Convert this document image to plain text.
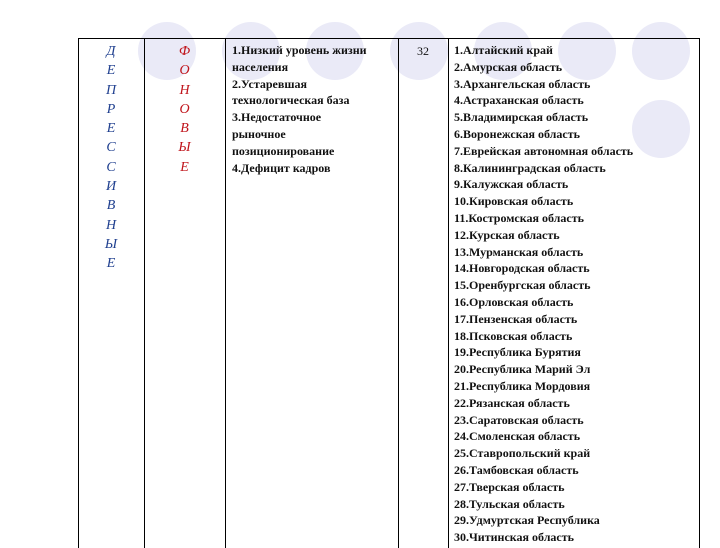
Д
Е
П
Р
Е
С
С
И
В
Н
Ы
Е
Ф
О
Н
О
В
Ы
Е
1.Низкий уровень жизни
населения
2.Устаревшая
технологическая база
3.Недостаточное
рыночное
позиционирование
4.Дефицит кадров
32	1.Алтайский край
2.Амурская область
3.Архангельская область
4.Астраханская область
5.Владимирская область
6.Воронежская область
7.Еврейская автономная область
8.Калининградская область
9.Калужская область
10.Кировская область
11.Костромская область
12.Курская область
13.Мурманская область
14.Новгородская область
15.Оренбургская область
16.Орловская область
17.Пензенская область
18.Псковская область
19.Республика Бурятия
20.Республика Марий Эл
21.Республика Мордовия
22.Рязанская область
23.Саратовская область
24.Смоленская область
25.Ставропольский край
26.Тамбовская область
27.Тверская область
28.Тульская область
29.Удмуртская Республика
30.Читинская область
